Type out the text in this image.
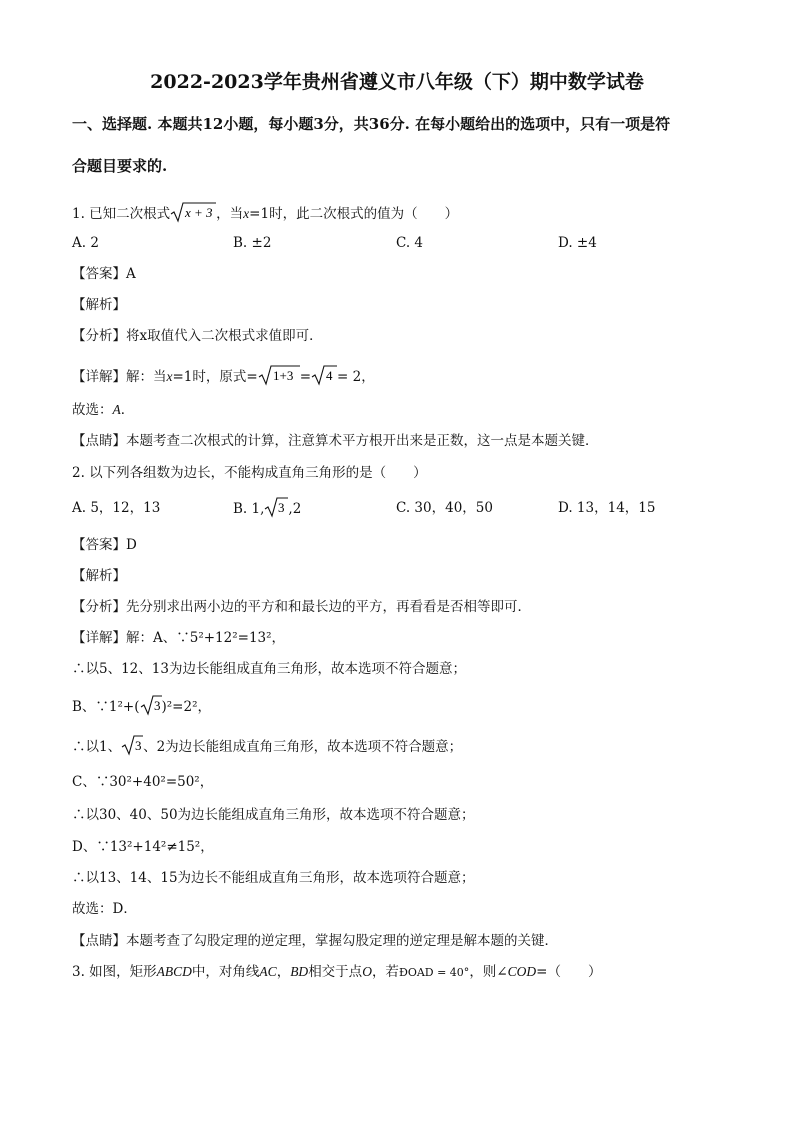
2022-2023学年贵州省遵义市八年级（下）期中数学试卷
一、选择题. 本题共12小题，每小题3分，共36分. 在每小题给出的选项中，只有一项是符
合题目要求的.
1. 已知二次根式 x + 3 ，当x=1时，此二次根式的值为（　　）
A. 2	B. ±2	C. 4	D. ±4
【答案】A
【解析】
【分析】将x取值代入二次根式求值即可．
【详解】解：当x=1时，原式= 1+3 = 4 = 2，
故选：A．
【点睛】本题考查二次根式的计算，注意算术平方根开出来是正数，这一点是本题关键．
2. 以下列各组数为边长，不能构成直角三角形的是（　　）
A. 5，12，13	B. 1, 3 ,2	C. 30，40，50	D. 13，14，15
【答案】D
【解析】
【分析】先分别求出两小边的平方和和最长边的平方，再看看是否相等即可．
【详解】解：A、∵5²+12²=13²，
∴以5、12、13为边长能组成直角三角形，故本选项不符合题意；
B、∵1²+( 3 )²=2²，
∴以1、 3 、2为边长能组成直角三角形，故本选项不符合题意；
C、∵30²+40²=50²，
∴以30、40、50为边长能组成直角三角形，故本选项不符合题意；
D、∵13²+14²≠15²，
∴以13、14、15为边长不能组成直角三角形，故本选项符合题意；
故选：D．
【点睛】本题考查了勾股定理的逆定理，掌握勾股定理的逆定理是解本题的关键．
3. 如图，矩形ABCD中，对角线AC，BD相交于点O，若ÐOAD = 40°，则∠COD=（　　）
